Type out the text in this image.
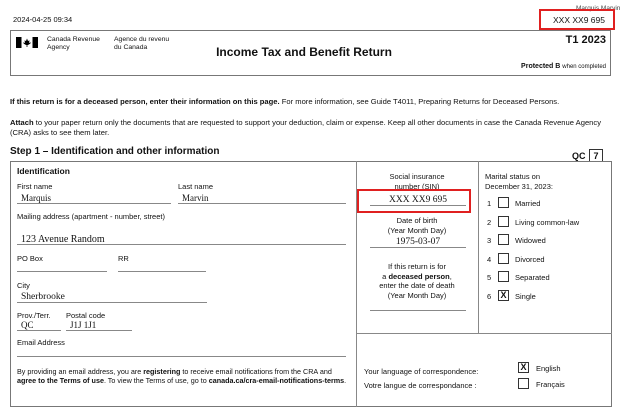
2024-04-25 09:34
Marquis Marvin
XXX XX9 695
Canada Revenue
Agency
Agence du revenu
du Canada	Income Tax and Benefit Return
T1 2023
Protected B when completed
If this return is for a deceased person, enter their information on this page. For more information, see Guide T4011, Preparing Returns for Deceased Persons.
Attach to your paper return only the documents that are requested to support your deduction, claim or expense. Keep all other documents in case the Canada Revenue Agency (CRA) asks to see them later.
Step 1 – Identification and other information	QC 7
Identification
First name
Marquis
Last name
Marvin
Mailing address (apartment - number, street)
123 Avenue Random
PO Box	RR
City
Sherbrooke
Prov./Terr.
QC
Postal code
J1J 1J1
Email Address
By providing an email address, you are registering to receive email notifications from the CRA and agree to the Terms of use. To view the Terms of use, go to canada.ca/cra-email-notifications-terms.
Social insurance
number (SIN)
XXX XX9 695
Date of birth
(Year Month Day)
1975-03-07
If this return is for
a deceased person,
enter the date of death
(Year Month Day)
Marital status on
December 31, 2023:
1	Married
2	Living common-law
3	Widowed
4	Divorced
5	Separated
6 X	Single
Your language of correspondence:
Votre langue de correspondance :
X	English
Français
